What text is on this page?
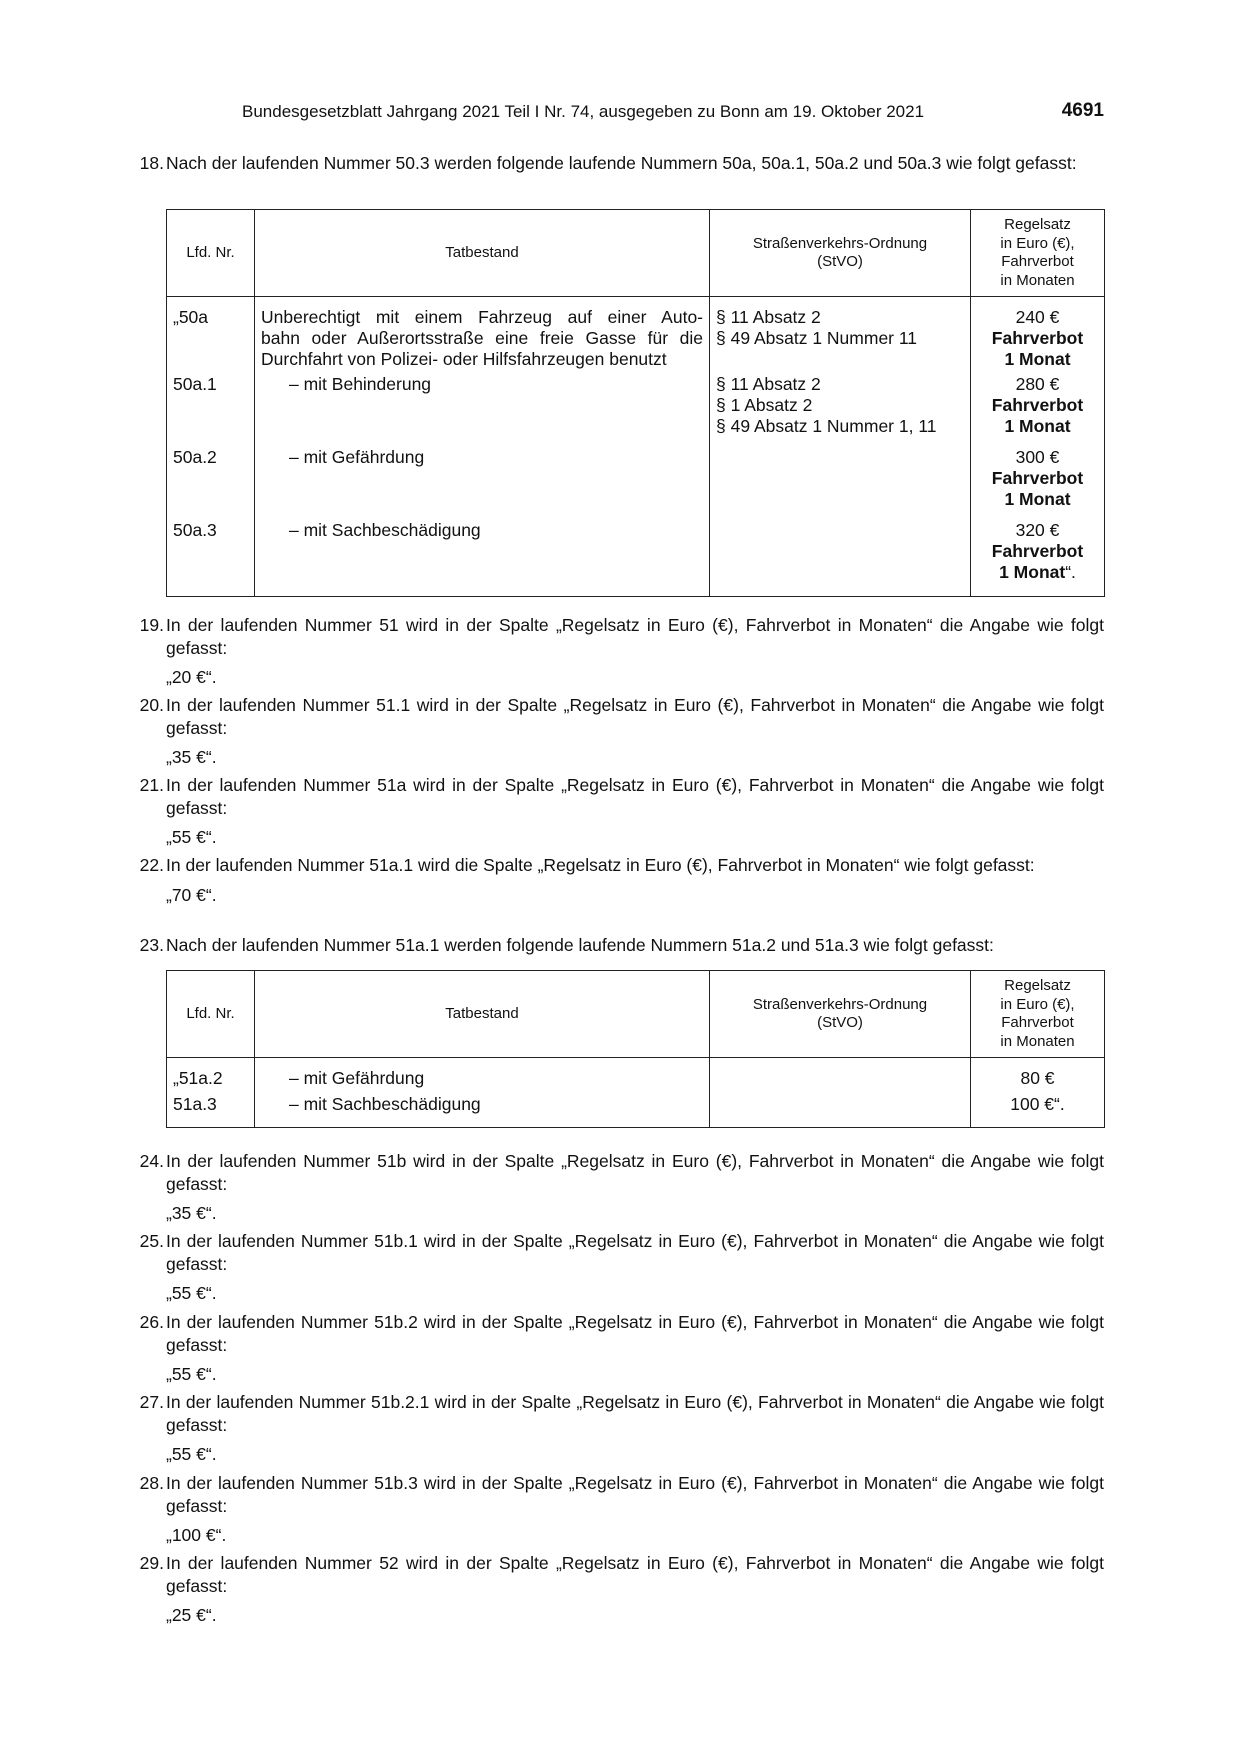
Bundesgesetzblatt Jahrgang 2021 Teil I Nr. 74, ausgegeben zu Bonn am 19. Oktober 2021	4691
18. Nach der laufenden Nummer 50.3 werden folgende laufende Nummern 50a, 50a.1, 50a.2 und 50a.3 wie folgt gefasst:
Lfd. Nr.	Tatbestand	Straßenverkehrs-Ordnung
(StVO)	Regelsatz
in Euro (€),
Fahrverbot
in Monaten

„50a	Unberechtigt mit einem Fahrzeug auf einer Auto-
bahn oder Außerortsstraße eine freie Gasse für die
Durchfahrt von Polizei- oder Hilfsfahrzeugen benutzt	§ 11 Absatz 2
§ 49 Absatz 1 Nummer 11	240 €
Fahrverbot
1 Monat

50a.1	– mit Behinderung	§ 11 Absatz 2
§ 1 Absatz 2
§ 49 Absatz 1 Nummer 1, 11	280 €
Fahrverbot
1 Monat

50a.2	– mit Gefährdung		300 €
Fahrverbot
1 Monat

50a.3	– mit Sachbeschädigung		320 €
Fahrverbot
1 Monat“.
19. In der laufenden Nummer 51 wird in der Spalte „Regelsatz in Euro (€), Fahrverbot in Monaten“ die Angabe wie folgt gefasst:
„20 €“.
20. In der laufenden Nummer 51.1 wird in der Spalte „Regelsatz in Euro (€), Fahrverbot in Monaten“ die Angabe wie folgt gefasst:
„35 €“.
21. In der laufenden Nummer 51a wird in der Spalte „Regelsatz in Euro (€), Fahrverbot in Monaten“ die Angabe wie folgt gefasst:
„55 €“.
22. In der laufenden Nummer 51a.1 wird die Spalte „Regelsatz in Euro (€), Fahrverbot in Monaten“ wie folgt gefasst:
„70 €“.
23. Nach der laufenden Nummer 51a.1 werden folgende laufende Nummern 51a.2 und 51a.3 wie folgt gefasst:
Lfd. Nr.	Tatbestand	Straßenverkehrs-Ordnung
(StVO)	Regelsatz
in Euro (€),
Fahrverbot
in Monaten

„51a.2	– mit Gefährdung		80 €
51a.3	– mit Sachbeschädigung		100 €“.
24. In der laufenden Nummer 51b wird in der Spalte „Regelsatz in Euro (€), Fahrverbot in Monaten“ die Angabe wie folgt gefasst:
„35 €“.
25. In der laufenden Nummer 51b.1 wird in der Spalte „Regelsatz in Euro (€), Fahrverbot in Monaten“ die Angabe wie folgt gefasst:
„55 €“.
26. In der laufenden Nummer 51b.2 wird in der Spalte „Regelsatz in Euro (€), Fahrverbot in Monaten“ die Angabe wie folgt gefasst:
„55 €“.
27. In der laufenden Nummer 51b.2.1 wird in der Spalte „Regelsatz in Euro (€), Fahrverbot in Monaten“ die Angabe wie folgt gefasst:
„55 €“.
28. In der laufenden Nummer 51b.3 wird in der Spalte „Regelsatz in Euro (€), Fahrverbot in Monaten“ die Angabe wie folgt gefasst:
„100 €“.
29. In der laufenden Nummer 52 wird in der Spalte „Regelsatz in Euro (€), Fahrverbot in Monaten“ die Angabe wie folgt gefasst:
„25 €“.
